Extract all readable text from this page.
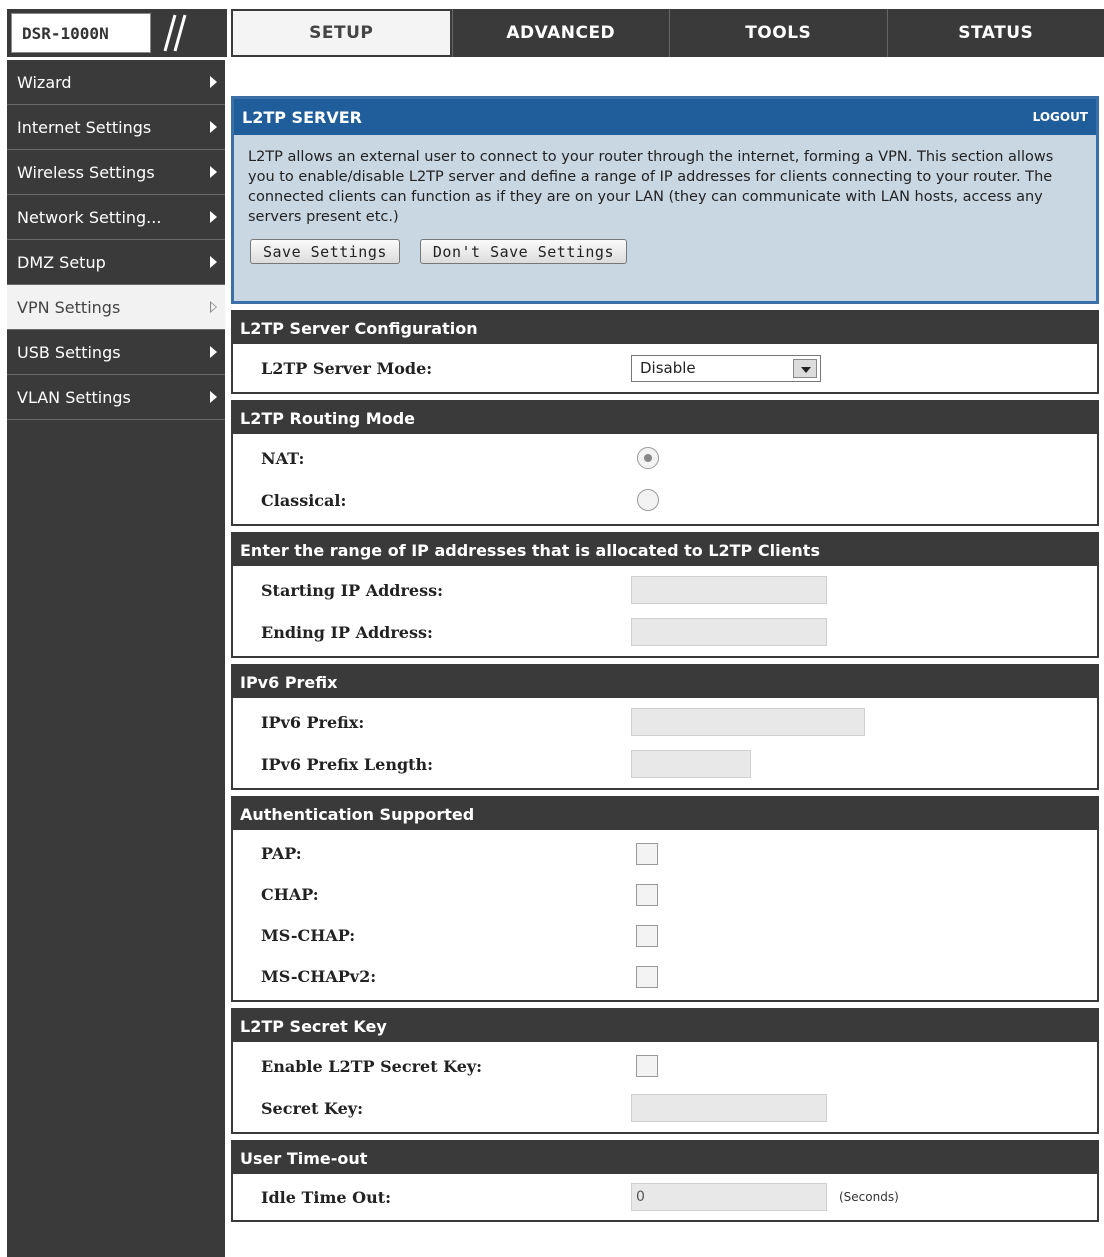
DSR-1000N	SETUP	ADVANCED	TOOLS	STATUS
Wizard
Internet Settings
Wireless Settings
Network Setting...
DMZ Setup
VPN Settings
USB Settings
VLAN Settings
L2TP SERVER	LOGOUT
L2TP allows an external user to connect to your router through the internet, forming a VPN. This section allows you to enable/disable L2TP server and define a range of IP addresses for clients connecting to your router. The connected clients can function as if they are on your LAN (they can communicate with LAN hosts, access any servers present etc.)
Save Settings	Don't Save Settings
L2TP Server Configuration
L2TP Server Mode:	Disable
L2TP Routing Mode
NAT:
Classical:
Enter the range of IP addresses that is allocated to L2TP Clients
Starting IP Address:
Ending IP Address:
IPv6 Prefix
IPv6 Prefix:
IPv6 Prefix Length:
Authentication Supported
PAP:
CHAP:
MS-CHAP:
MS-CHAPv2:
L2TP Secret Key
Enable L2TP Secret Key:
Secret Key:
User Time-out
Idle Time Out:	0	(Seconds)
